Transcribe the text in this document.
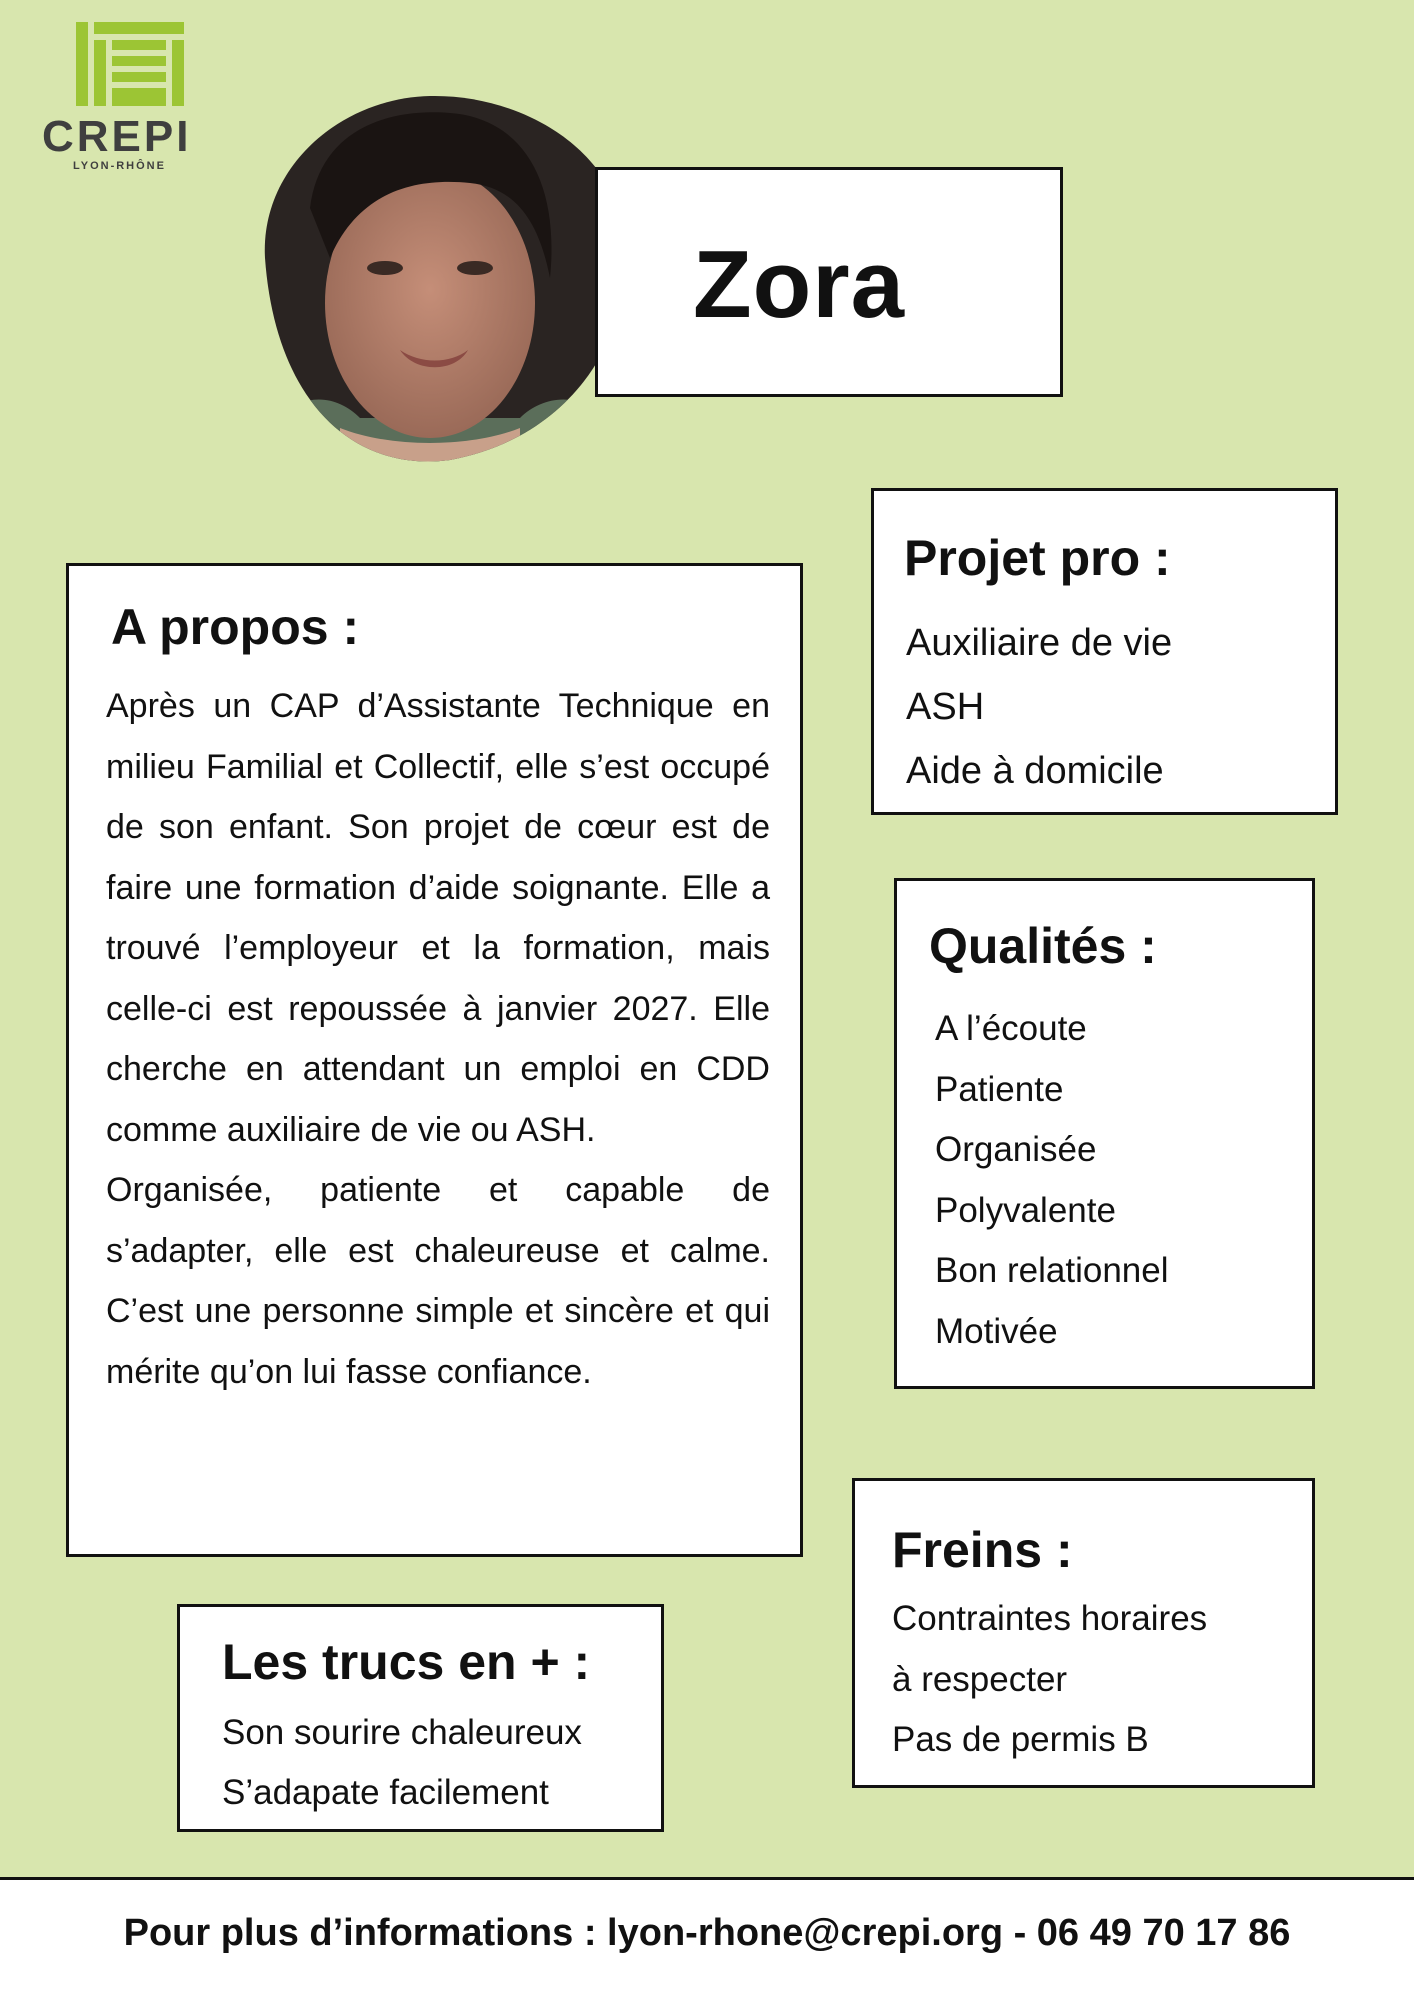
CREPI
LYON-RHÔNE
Zora
Projet pro :
Auxiliaire de vie
ASH
Aide à domicile
A propos :
Après un CAP d’Assistante Technique en milieu Familial et Collectif, elle s’est occupé de son enfant. Son projet de cœur est de faire une formation d’aide soignante. Elle a trouvé l’employeur et la formation, mais celle-ci est repoussée à janvier 2027. Elle cherche en attendant un emploi en CDD comme auxiliaire de vie ou ASH.
Organisée, patiente et capable de s’adapter, elle est chaleureuse et calme. C’est une personne simple et sincère et qui mérite qu’on lui fasse confiance.
Qualités :
A l’écoute
Patiente
Organisée
Polyvalente
Bon relationnel
Motivée
Freins :
Contraintes horaires
à respecter
Pas de permis B
Les trucs en + :
Son sourire chaleureux
S’adapate facilement
Pour plus d’informations : lyon-rhone@crepi.org - 06 49 70 17 86
